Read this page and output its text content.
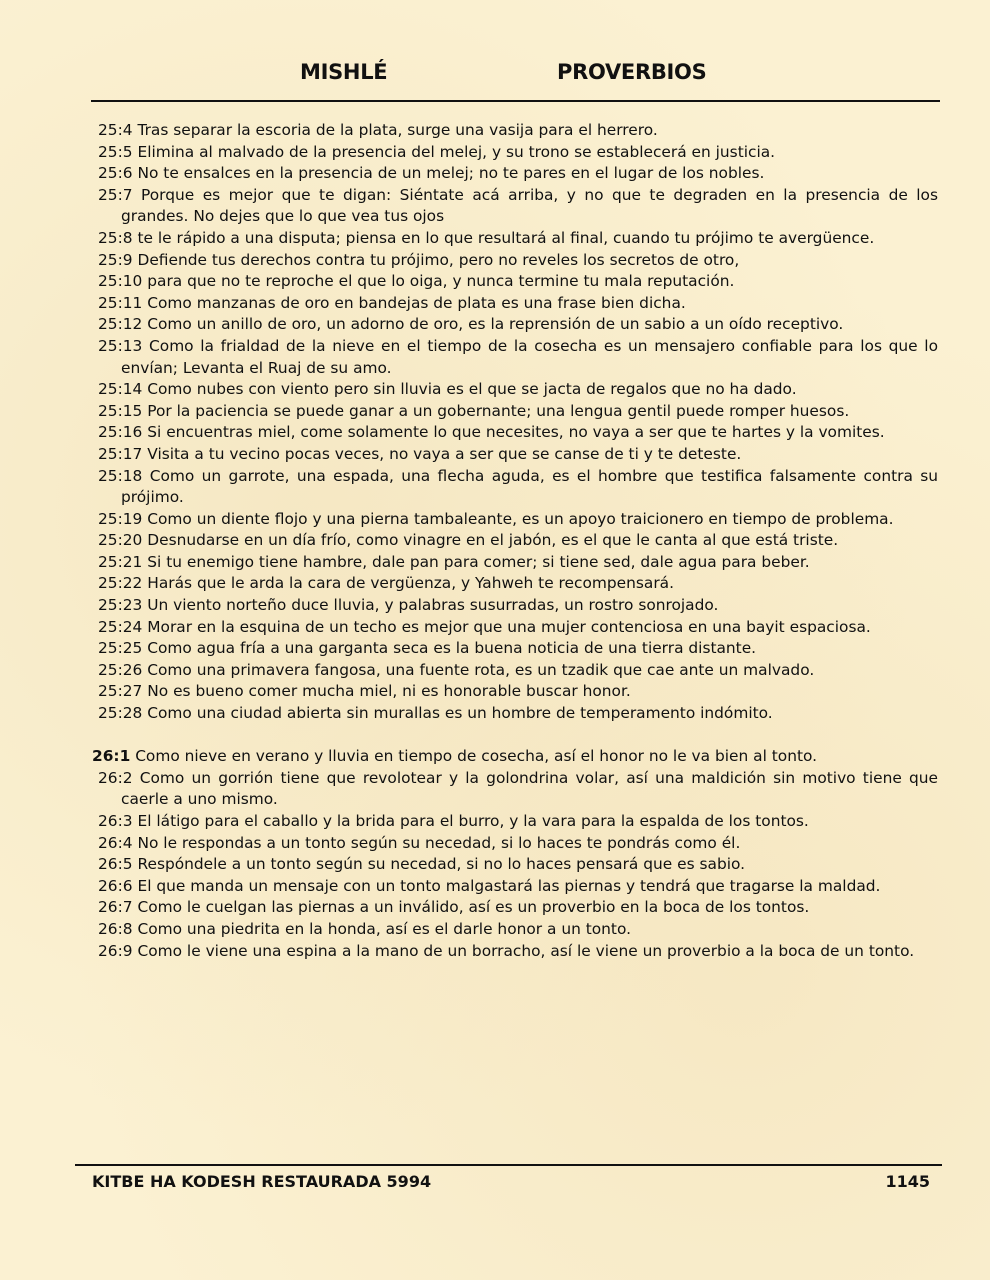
MISHLÉ	PROVERBIOS

25:4 Tras separar la escoria de la plata, surge una vasija para el herrero.

25:5 Elimina al malvado de la presencia del melej, y su trono se establecerá en justicia.

25:6 No te ensalces en la presencia de un melej; no te pares en el lugar de los nobles.

25:7 Porque es mejor que te digan: Siéntate acá arriba, y no que te degraden en la presencia de los grandes. No dejes que lo que vea tus ojos

25:8 te le rápido a una disputa; piensa en lo que resultará al final, cuando tu prójimo te avergüence.

25:9 Defiende tus derechos contra tu prójimo, pero no reveles los secretos de otro,

25:10 para que no te reproche el que lo oiga, y nunca termine tu mala reputación.

25:11 Como manzanas de oro en bandejas de plata es una frase bien dicha.

25:12 Como un anillo de oro, un adorno de oro, es la reprensión de un sabio a un oído receptivo.

25:13 Como la frialdad de la nieve en el tiempo de la cosecha es un mensajero confiable para los que lo envían; Levanta el Ruaj de su amo.

25:14 Como nubes con viento pero sin lluvia es el que se jacta de regalos que no ha dado.

25:15 Por la paciencia se puede ganar a un gobernante; una lengua gentil puede romper huesos.

25:16 Si encuentras miel, come solamente lo que necesites, no vaya a ser que te hartes y la vomites.

25:17 Visita a tu vecino pocas veces, no vaya a ser que se canse de ti y te deteste.

25:18 Como un garrote, una espada, una flecha aguda, es el hombre que testifica falsamente contra su prójimo.

25:19 Como un diente flojo y una pierna tambaleante, es un apoyo traicionero en tiempo de problema.

25:20 Desnudarse en un día frío, como vinagre en el jabón, es el que le canta al que está triste.

25:21 Si tu enemigo tiene hambre, dale pan para comer; si tiene sed, dale agua para beber.

25:22 Harás que le arda la cara de vergüenza, y Yahweh te recompensará.

25:23 Un viento norteño duce lluvia, y palabras susurradas, un rostro sonrojado.

25:24 Morar en la esquina de un techo es mejor que una mujer contenciosa en una bayit espaciosa.

25:25 Como agua fría a una garganta seca es la buena noticia de una tierra distante.

25:26 Como una primavera fangosa, una fuente rota, es un tzadik que cae ante un malvado.

25:27 No es bueno comer mucha miel, ni es honorable buscar honor.

25:28 Como una ciudad abierta sin murallas es un hombre de temperamento indómito.

26:1 Como nieve en verano y lluvia en tiempo de cosecha, así el honor no le va bien al tonto.

26:2 Como un gorrión tiene que revolotear y la golondrina volar, así una maldición sin motivo tiene que caerle a uno mismo.

26:3 El látigo para el caballo y la brida para el burro, y la vara para la espalda de los tontos.

26:4 No le respondas a un tonto según su necedad, si lo haces te pondrás como él.

26:5 Respóndele a un tonto según su necedad, si no lo haces pensará que es sabio.

26:6 El que manda un mensaje con un tonto malgastará las piernas y tendrá que tragarse la maldad.

26:7 Como le cuelgan las piernas a un inválido, así es un proverbio en la boca de los tontos.

26:8 Como una piedrita en la honda, así es el darle honor a un tonto.

26:9 Como le viene una espina a la mano de un borracho, así le viene un proverbio a la boca de un tonto.

KITBE HA KODESH RESTAURADA 5994	1145
